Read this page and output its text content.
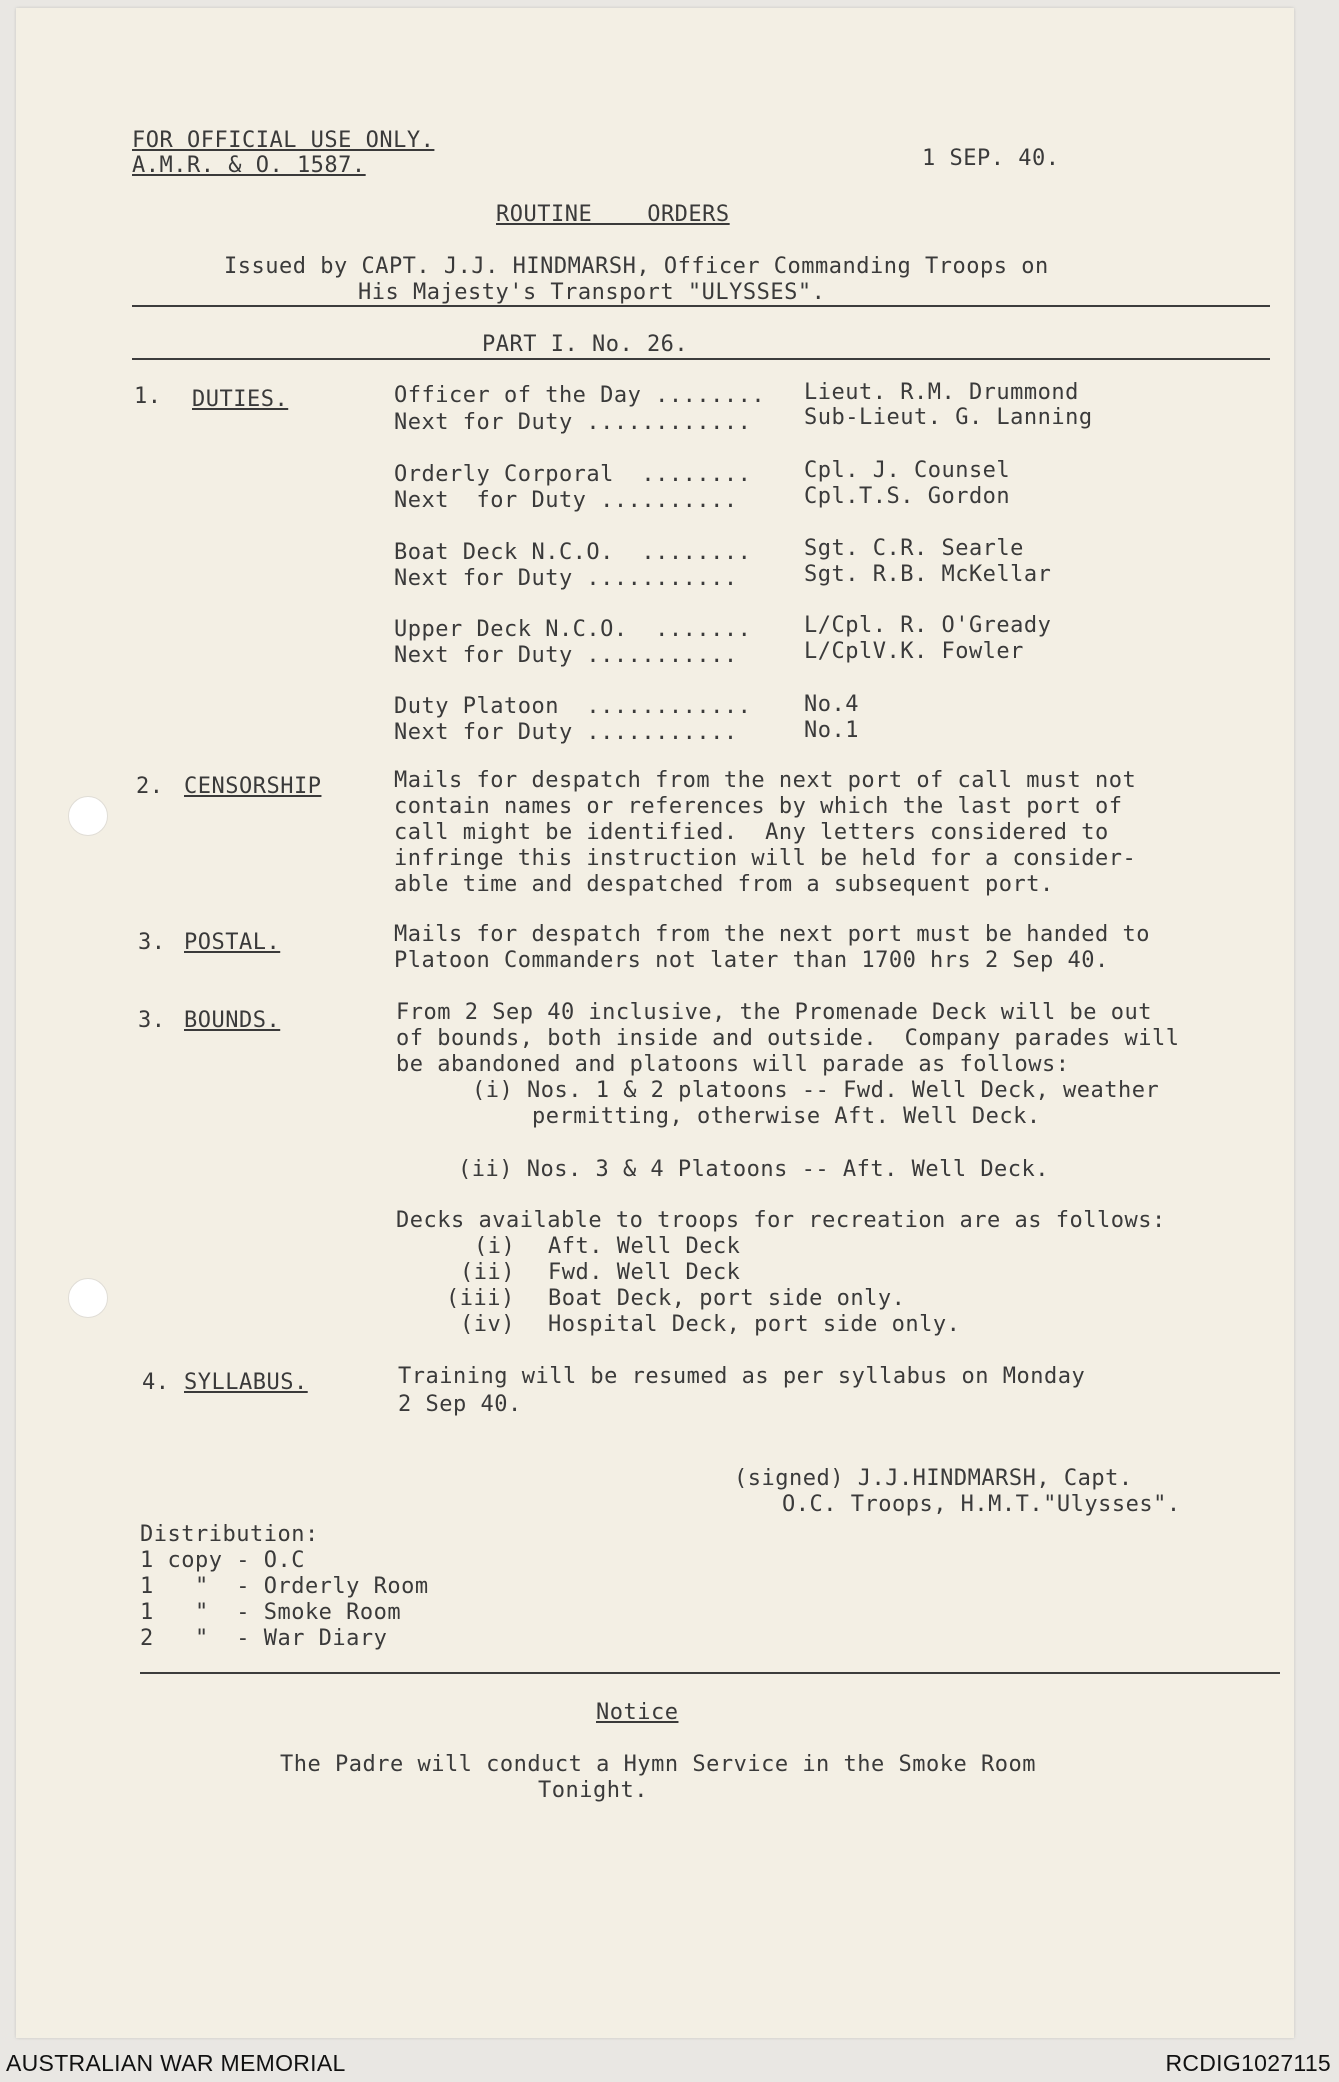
FOR OFFICIAL USE ONLY.
A.M.R. & O. 1587.	1 SEP. 40.
ROUTINE    ORDERS
Issued by CAPT. J.J. HINDMARSH, Officer Commanding Troops on
His Majesty's Transport "ULYSSES".
PART I. No. 26.
1. DUTIES.	Officer of the Day ........ Lieut. R.M. Drummond
Next for Duty ............ Sub-Lieut. G. Lanning
Orderly Corporal  ........ Cpl. J. Counsel
Next  for Duty ..........	Cpl.T.S. Gordon
Boat Deck N.C.O.  ........ Sgt. C.R. Searle
Next for Duty ...........	Sgt. R.B. McKellar
Upper Deck N.C.O.  ....... L/Cpl. R. O'Gready
Next for Duty ...........	L/CplV.K. Fowler
Duty Platoon  ............ No.4
Next for Duty ...........	No.1
2. CENSORSHIP	Mails for despatch from the next port of call must not
contain names or references by which the last port of
call might be identified.  Any letters considered to
infringe this instruction will be held for a consider-
able time and despatched from a subsequent port.
3. POSTAL.	Mails for despatch from the next port must be handed to
Platoon Commanders not later than 1700 hrs 2 Sep 40.
3. BOUNDS.	From 2 Sep 40 inclusive, the Promenade Deck will be out
of bounds, both inside and outside.  Company parades will
be abandoned and platoons will parade as follows:
(i) Nos. 1 & 2 platoons -- Fwd. Well Deck, weather
permitting, otherwise Aft. Well Deck.
(ii) Nos. 3 & 4 Platoons -- Aft. Well Deck.
Decks available to troops for recreation are as follows:
(i) Aft. Well Deck
(ii) Fwd. Well Deck
(iii) Boat Deck, port side only.
(iv) Hospital Deck, port side only.
4. SYLLABUS.	Training will be resumed as per syllabus on Monday
2 Sep 40.
(signed) J.J.HINDMARSH, Capt.
O.C. Troops, H.M.T."Ulysses".
Distribution:
1 copy - O.C
1   "  - Orderly Room
1   "  - Smoke Room
2   "  - War Diary
Notice
The Padre will conduct a Hymn Service in the Smoke Room
Tonight.
AUSTRALIAN WAR MEMORIAL	RCDIG1027115
